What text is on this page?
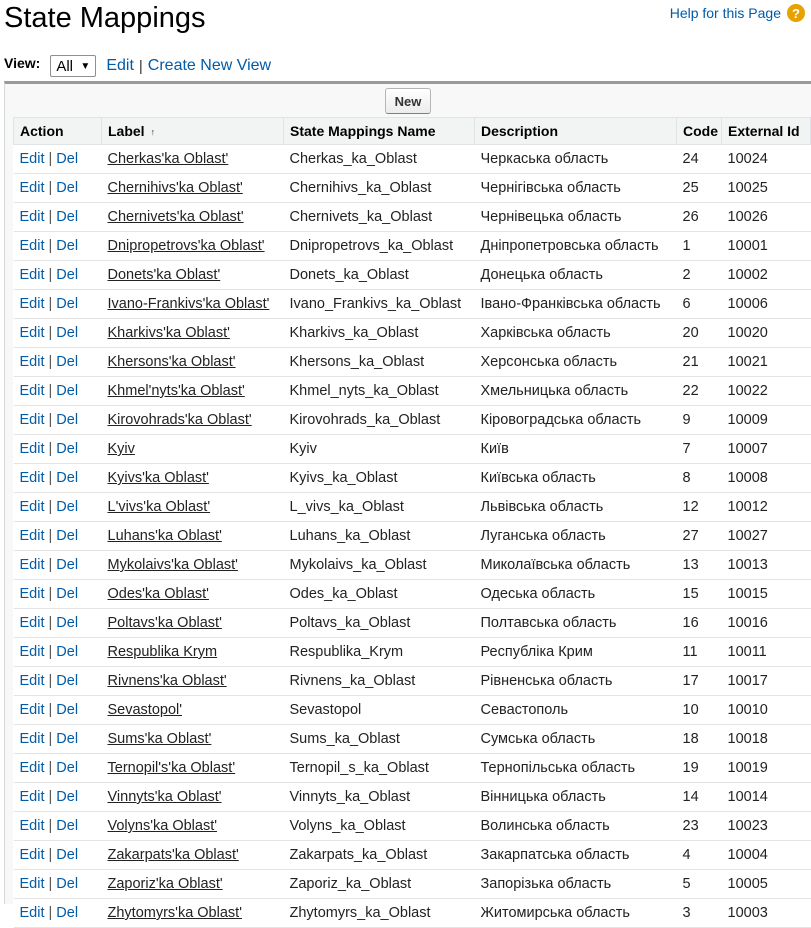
State Mappings	Help for this Page ?
View: All ▼ Edit | Create New View
New
Action	Label ↑	State Mappings Name	Description	Code	External Id
Edit | Del	Cherkas'ka Oblast'	Cherkas_ka_Oblast	Черкаська область	24	10024
Edit | Del	Chernihivs'ka Oblast'	Chernihivs_ka_Oblast	Чернігівська область	25	10025
Edit | Del	Chernivets'ka Oblast'	Chernivets_ka_Oblast	Чернівецька область	26	10026
Edit | Del	Dnipropetrovs'ka Oblast'	Dnipropetrovs_ka_Oblast	Дніпропетровська область	1	10001
Edit | Del	Donets'ka Oblast'	Donets_ka_Oblast	Донецька область	2	10002
Edit | Del	Ivano-Frankivs'ka Oblast'	Ivano_Frankivs_ka_Oblast	Івано-Франківська область	6	10006
Edit | Del	Kharkivs'ka Oblast'	Kharkivs_ka_Oblast	Харківська область	20	10020
Edit | Del	Khersons'ka Oblast'	Khersons_ka_Oblast	Херсонська область	21	10021
Edit | Del	Khmel'nyts'ka Oblast'	Khmel_nyts_ka_Oblast	Хмельницька область	22	10022
Edit | Del	Kirovohrads'ka Oblast'	Kirovohrads_ka_Oblast	Кіровоградська область	9	10009
Edit | Del	Kyiv	Kyiv	Київ	7	10007
Edit | Del	Kyivs'ka Oblast'	Kyivs_ka_Oblast	Київська область	8	10008
Edit | Del	L'vivs'ka Oblast'	L_vivs_ka_Oblast	Львівська область	12	10012
Edit | Del	Luhans'ka Oblast'	Luhans_ka_Oblast	Луганська область	27	10027
Edit | Del	Mykolaivs'ka Oblast'	Mykolaivs_ka_Oblast	Миколаївська область	13	10013
Edit | Del	Odes'ka Oblast'	Odes_ka_Oblast	Одеська область	15	10015
Edit | Del	Poltavs'ka Oblast'	Poltavs_ka_Oblast	Полтавська область	16	10016
Edit | Del	Respublika Krym	Respublika_Krym	Республіка Крим	11	10011
Edit | Del	Rivnens'ka Oblast'	Rivnens_ka_Oblast	Рівненська область	17	10017
Edit | Del	Sevastopol'	Sevastopol	Севастополь	10	10010
Edit | Del	Sums'ka Oblast'	Sums_ka_Oblast	Сумська область	18	10018
Edit | Del	Ternopil's'ka Oblast'	Ternopil_s_ka_Oblast	Тернопільська область	19	10019
Edit | Del	Vinnyts'ka Oblast'	Vinnyts_ka_Oblast	Вінницька область	14	10014
Edit | Del	Volyns'ka Oblast'	Volyns_ka_Oblast	Волинська область	23	10023
Edit | Del	Zakarpats'ka Oblast'	Zakarpats_ka_Oblast	Закарпатська область	4	10004
Edit | Del	Zaporiz'ka Oblast'	Zaporiz_ka_Oblast	Запорізька область	5	10005
Edit | Del	Zhytomyrs'ka Oblast'	Zhytomyrs_ka_Oblast	Житомирська область	3	10003
